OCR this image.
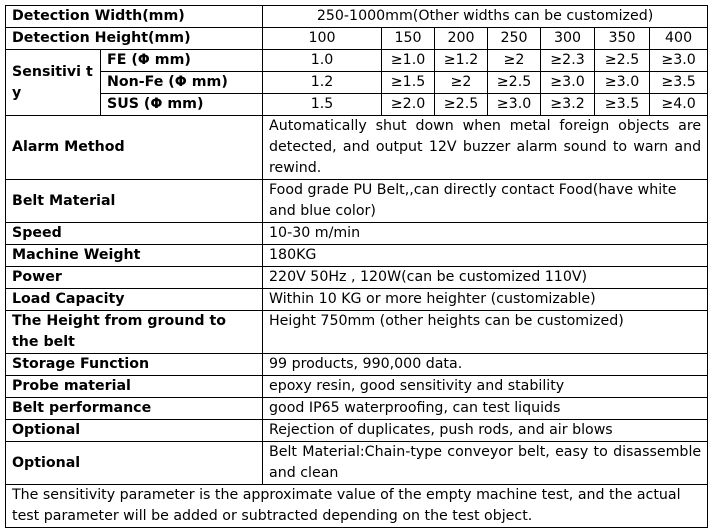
Detection Width(mm)		250-1000mm(Other widths can be customized)						
Detection Height(mm)		100	150	200	250	300	350	400
Sensitivi ty	FE (Φ mm)	1.0	≥1.0	≥1.2	≥2	≥2.3	≥2.5	≥3.0
	Non-Fe (Φ mm)	1.2	≥1.5	≥2	≥2.5	≥3.0	≥3.0	≥3.5
	SUS (Φ mm)	1.5	≥2.0	≥2.5	≥3.0	≥3.2	≥3.5	≥4.0
Alarm Method		Automatically shut down when metal foreign objects are detected, and output 12V buzzer alarm sound to warn and rewind.						
Belt Material		Food grade PU Belt,,can directly contact Food(have white and blue color)						
Speed		10-30 m/min						
Machine Weight		180KG						
Power		220V 50Hz , 120W(can be customized 110V)						
Load Capacity		Within 10 KG or more heighter (customizable)						
The Height from ground to the belt		Height 750mm (other heights can be customized)						
Storage Function		99 products, 990,000 data.						
Probe material		epoxy resin, good sensitivity and stability						
Belt performance		good IP65 waterproofing, can test liquids						
Optional		Rejection of duplicates, push rods, and air blows						
Optional		Belt Material:Chain-type conveyor belt, easy to disassemble and clean						
The sensitivity parameter is the approximate value of the empty machine test, and the actual test parameter will be added or subtracted depending on the test object.								
